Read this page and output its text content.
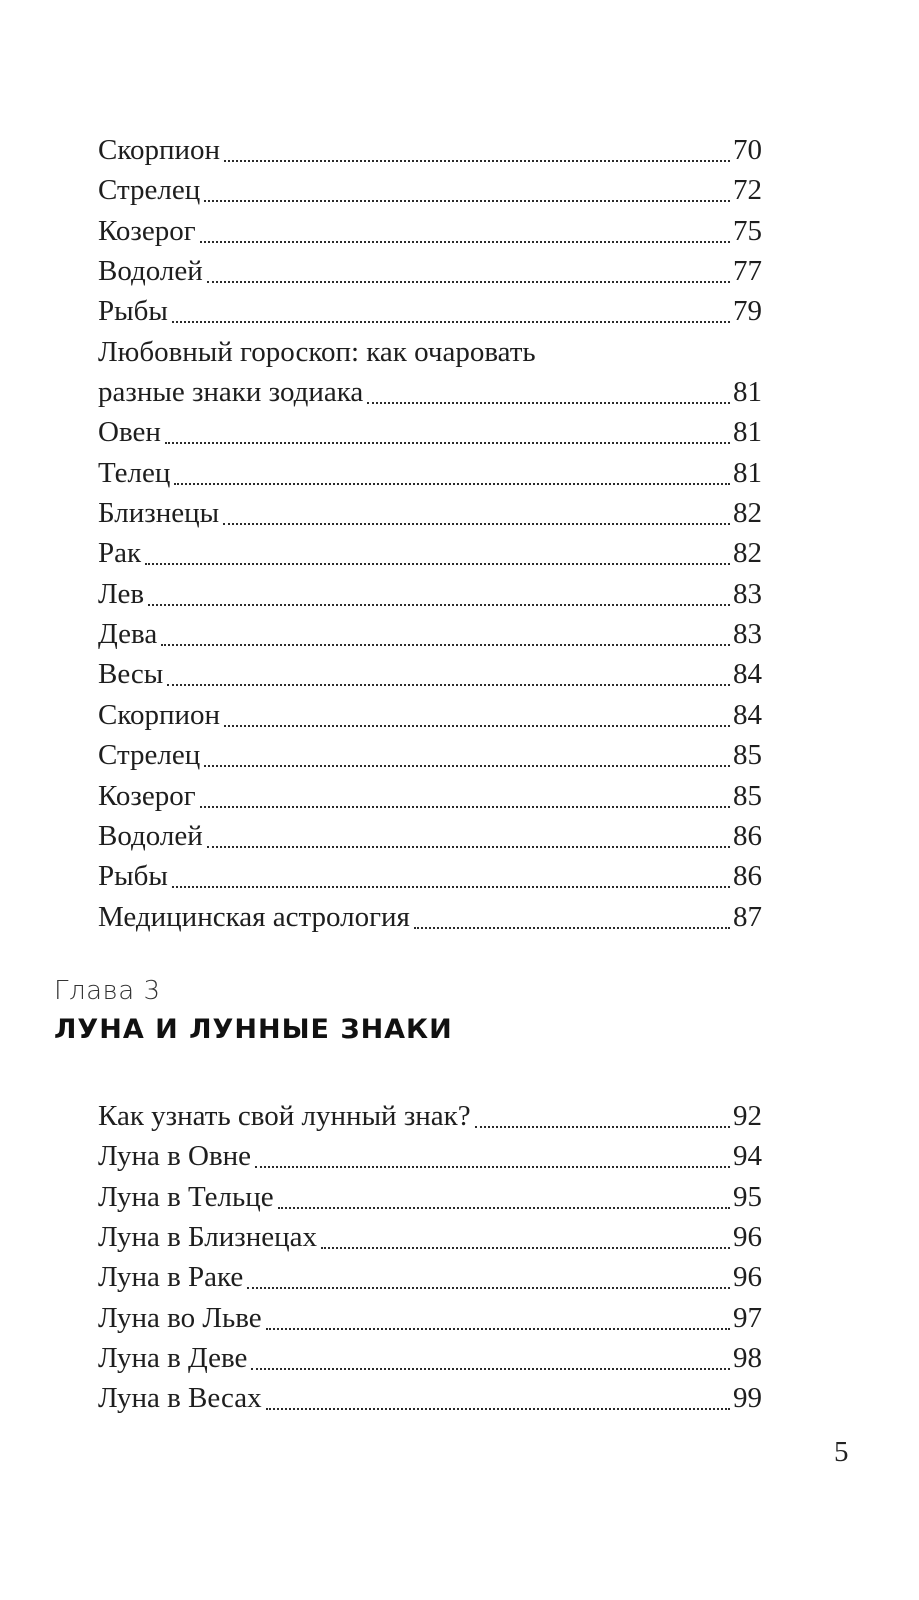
Скорпион	70
Стрелец	72
Козерог	75
Водолей	77
Рыбы	79
Любовный гороскоп: как очаровать
разные знаки зодиака	81
Овен	81
Телец	81
Близнецы	82
Рак	82
Лев	83
Дева	83
Весы	84
Скорпион	84
Стрелец	85
Козерог	85
Водолей	86
Рыбы	86
Медицинская астрология	87
Глава 3
ЛУНА И ЛУННЫЕ ЗНАКИ
Как узнать свой лунный знак?	92
Луна в Овне	94
Луна в Тельце	95
Луна в Близнецах	96
Луна в Раке	96
Луна во Льве	97
Луна в Деве	98
Луна в Весах	99
5
